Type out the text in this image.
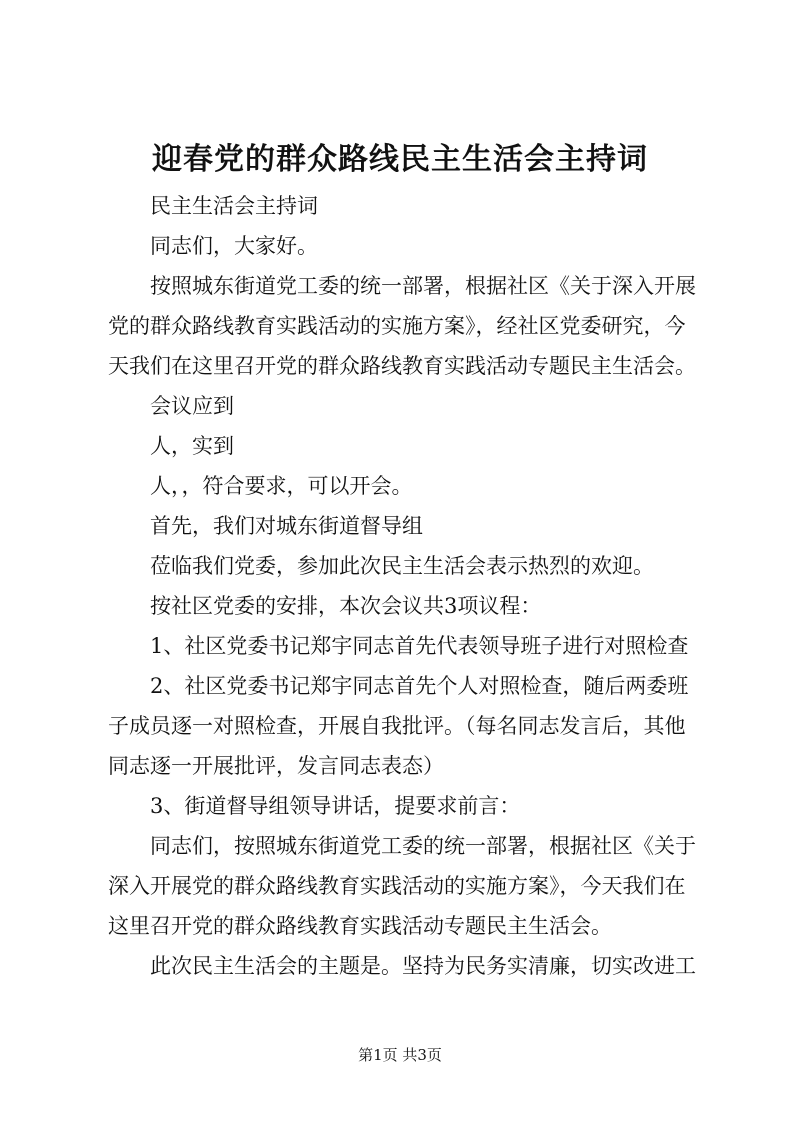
迎春党的群众路线民主生活会主持词
民主生活会主持词
同志们，大家好。
按照城东街道党工委的统一部署，根据社区《关于深入开展
党的群众路线教育实践活动的实施方案》，经社区党委研究，今
天我们在这里召开党的群众路线教育实践活动专题民主生活会。
会议应到
人，实到
人，，符合要求，可以开会。
首先，我们对城东街道督导组
莅临我们党委，参加此次民主生活会表示热烈的欢迎。
按社区党委的安排，本次会议共3项议程：
1、社区党委书记郑宇同志首先代表领导班子进行对照检查
2、社区党委书记郑宇同志首先个人对照检查，随后两委班
子成员逐一对照检查，开展自我批评。（每名同志发言后，其他
同志逐一开展批评，发言同志表态）
3、街道督导组领导讲话，提要求前言：
同志们，按照城东街道党工委的统一部署，根据社区《关于
深入开展党的群众路线教育实践活动的实施方案》，今天我们在
这里召开党的群众路线教育实践活动专题民主生活会。
此次民主生活会的主题是。坚持为民务实清廉，切实改进工
第1页 共3页
